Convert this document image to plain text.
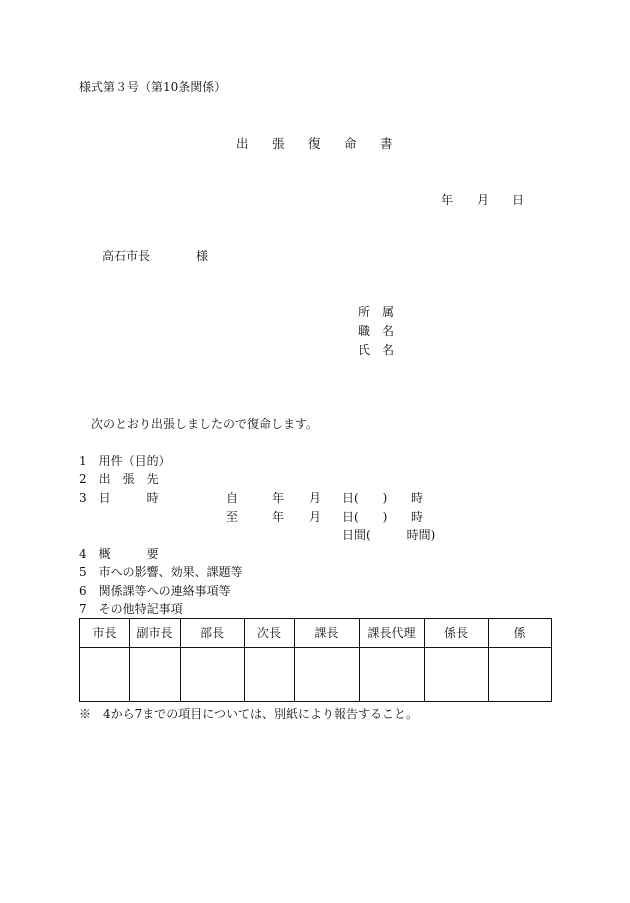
様式第３号（第10条関係）
出 張 復 命 書
年 月 日
高石市長	様
所　属
職　名
氏　名
次のとおり出張しましたので復命します。
1　用件（目的）
2　出　張　先
3　日　　　時	自	年 月 日(　　) 時
至	年 月 日(　　) 時
日間(　　　時間)
4　概　　　要
5　市への影響、効果、課題等
6　関係課等への連絡事項等
7　その他特記事項
市長	副市長	部長	次長	課長	課長代理	係長	係
※　4から7までの項目については、別紙により報告すること。
